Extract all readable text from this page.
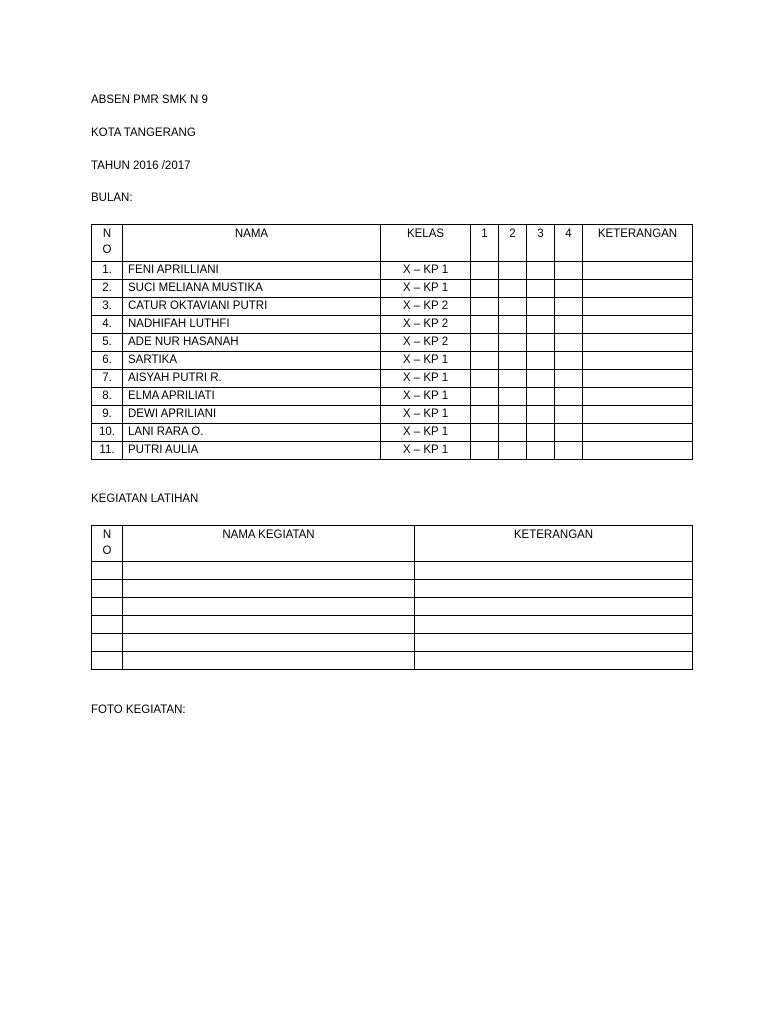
ABSEN PMR SMK N 9
KOTA TANGERANG
TAHUN 2016 /2017
BULAN:
N
O	NAMA	KELAS	1	2	3	4	KETERANGAN
1.	FENI APRILLIANI	X – KP 1					
2.	SUCI MELIANA MUSTIKA	X – KP 1					
3.	CATUR OKTAVIANI PUTRI	X – KP 2					
4.	NADHIFAH LUTHFI	X – KP 2					
5.	ADE NUR HASANAH	X – KP 2					
6.	SARTIKA	X – KP 1					
7.	AISYAH PUTRI R.	X – KP 1					
8.	ELMA APRILIATI	X – KP 1					
9.	DEWI APRILIANI	X – KP 1					
10.	LANI RARA O.	X – KP 1					
11.	PUTRI AULIA	X – KP 1					
KEGIATAN LATIHAN
N
O	NAMA KEGIATAN	KETERANGAN

FOTO KEGIATAN:
